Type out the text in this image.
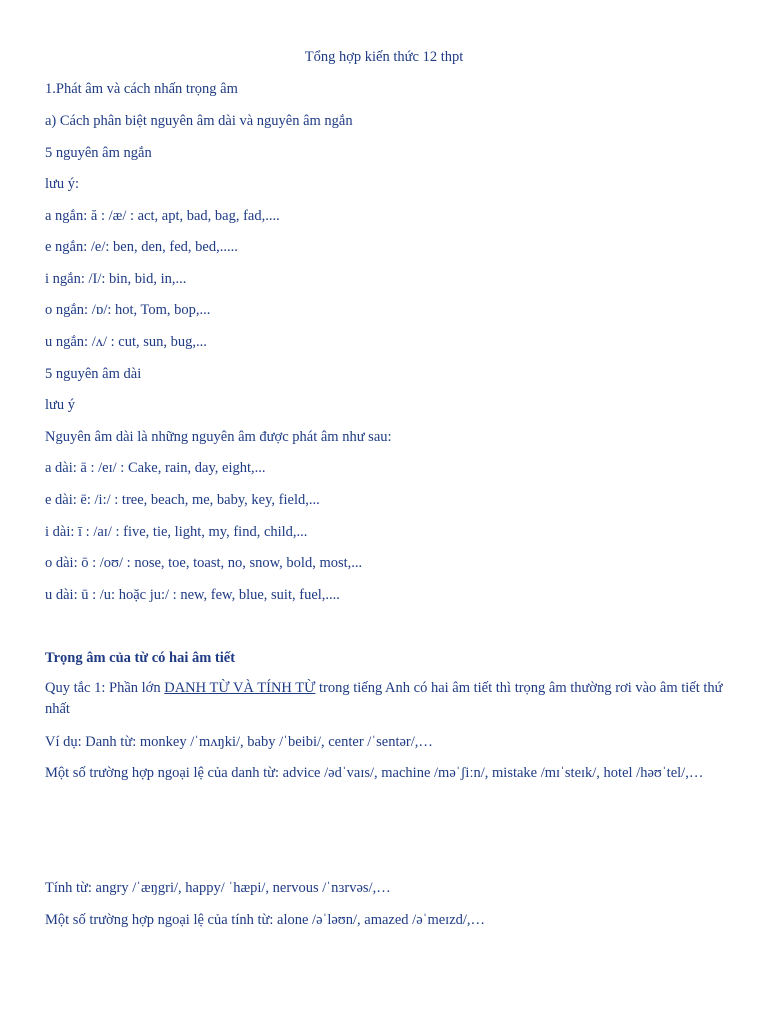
Tổng hợp kiến thức 12 thpt
1.Phát âm và cách nhấn trọng âm
a) Cách phân biệt nguyên âm dài và nguyên âm ngắn
5 nguyên âm ngắn
lưu ý:
a ngắn: ă : /æ/ : act, apt, bad, bag, fad,....
e ngắn: /e/: ben, den, fed, bed,.....
i ngắn: /I/: bin, bid, in,...
o ngắn: /ɒ/: hot, Tom, bop,...
u ngắn: /ʌ/ : cut, sun, bug,...
5 nguyên âm dài
lưu ý
Nguyên âm dài là những nguyên âm được phát âm như sau:
a dài: ā : /eɪ/ : Cake, rain, day, eight,...
e dài: ē: /i:/ : tree, beach, me, baby, key, field,...
i dài: ī : /aɪ/ : five, tie, light, my, find, child,...
o dài: ō : /oʊ/ : nose, toe, toast, no, snow, bold, most,...
u dài: ū : /u: hoặc ju:/ : new, few, blue, suit, fuel,....
Trọng âm của từ có hai âm tiết
Quy tắc 1: Phần lớn DANH TỪ VÀ TÍNH TỪ trong tiếng Anh có hai âm tiết thì trọng âm thường rơi vào âm tiết thứ nhất
Ví dụ: Danh từ: monkey /ˈmʌŋki/, baby /ˈbeibi/, center /ˈsentər/,…
Một số trường hợp ngoại lệ của danh từ: advice /ədˈvaɪs/, machine /məˈʃiːn/, mistake /mɪˈsteɪk/, hotel /həʊˈtel/,…
Tính từ: angry /ˈæŋgri/, happy/ ˈhæpi/, nervous /ˈnɜrvəs/,…
Một số trường hợp ngoại lệ của tính từ: alone /əˈləʊn/, amazed /əˈmeɪzd/,…
